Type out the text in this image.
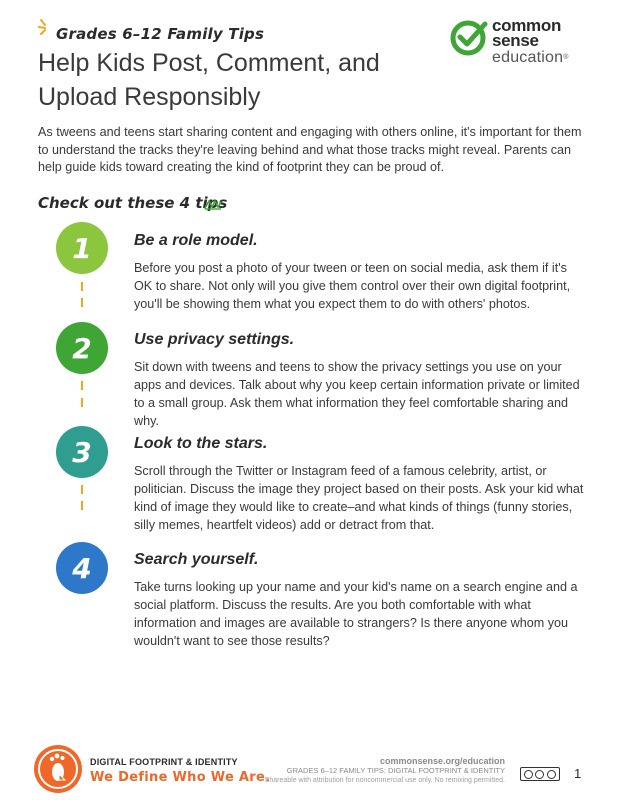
Grades 6–12 Family Tips
Help Kids Post, Comment, and Upload Responsibly
common
sense
education®

As tweens and teens start sharing content and engaging with others online, it's important for them to understand the tracks they're leaving behind and what those tracks might reveal. Parents can help guide kids toward creating the kind of footprint they can be proud of.

Check out these 4 tips
1	Be a role model.

Before you post a photo of your tween or teen on social media, ask them if it's OK to share. Not only will you give them control over their own digital footprint, you'll be showing them what you expect them to do with others' photos.

2	Use privacy settings.

Sit down with tweens and teens to show the privacy settings you use on your apps and devices. Talk about why you keep certain information private or limited to a small group. Ask them what information they feel comfortable sharing and why.

3	Look to the stars.

Scroll through the Twitter or Instagram feed of a famous celebrity, artist, or politician. Discuss the image they project based on their posts. Ask your kid what kind of image they would like to create–and what kinds of things (funny stories, silly memes, heartfelt videos) add or detract from that.

4	Search yourself.

Take turns looking up your name and your kid's name on a search engine and a social platform. Discuss the results. Are you both comfortable with what information and images are available to strangers? Is there anyone whom you wouldn't want to see those results?

DIGITAL FOOTPRINT & IDENTITY
We Define Who We Are.
commonsense.org/education
GRADES 6–12 FAMILY TIPS: DIGITAL FOOTPRINT & IDENTITY
Shareable with attribution for noncommercial use only. No remixing permitted.	1
